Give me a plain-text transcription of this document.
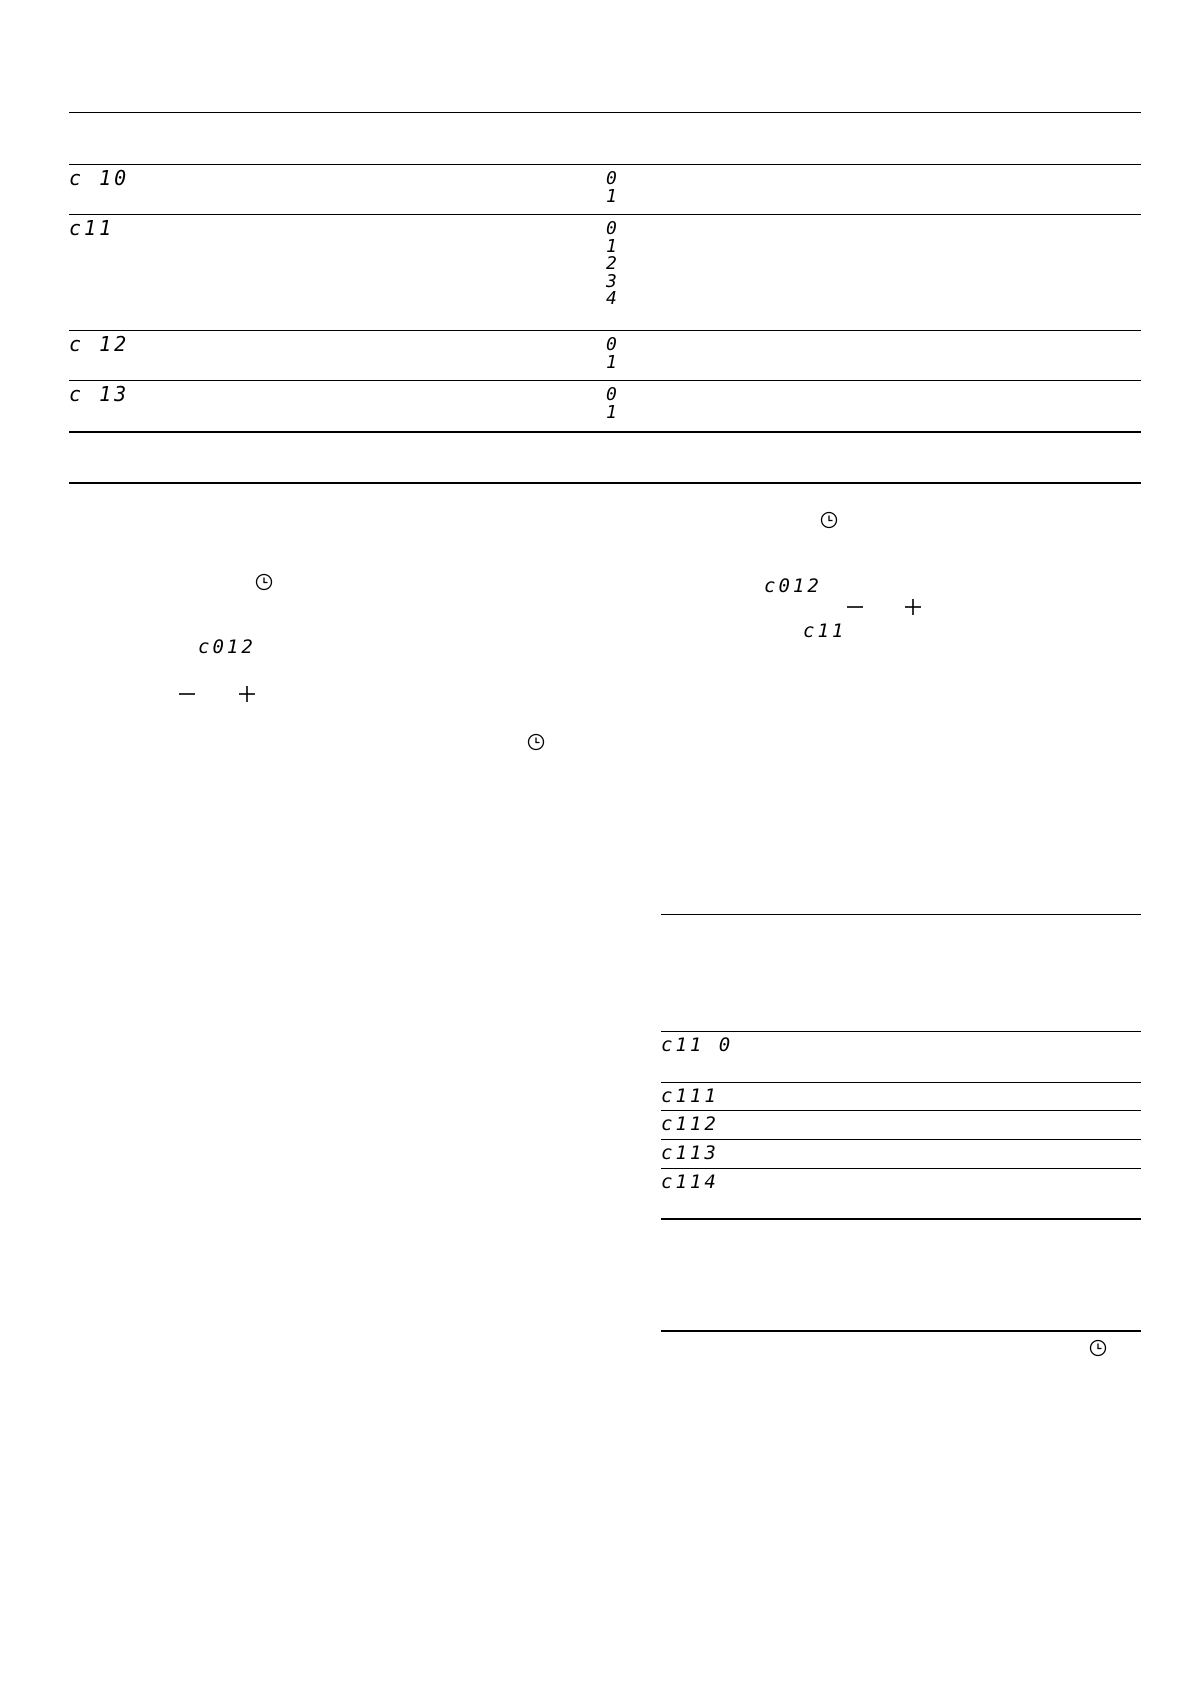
c 10	0
1
c11	0
1
2
3
4
c 12	0
1
c 13	0
1
c012
c012
c11
c11 0
c111
c112
c113
c114
